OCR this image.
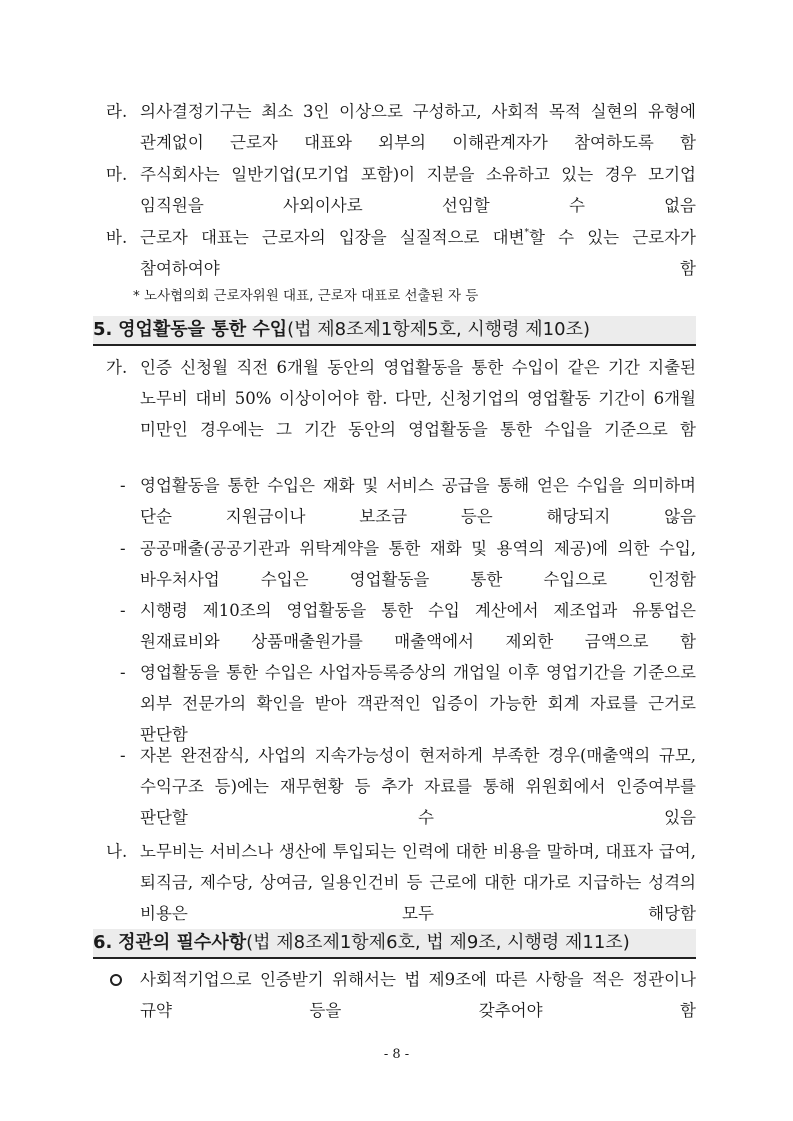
라. 의사결정기구는 최소 3인 이상으로 구성하고, 사회적 목적 실현의 유형에 관계없이 근로자 대표와 외부의 이해관계자가 참여하도록 함
마. 주식회사는 일반기업(모기업 포함)이 지분을 소유하고 있는 경우 모기업 임직원을 사외이사로 선임할 수 없음
바. 근로자 대표는 근로자의 입장을 실질적으로 대변*할 수 있는 근로자가 참여하여야 함
* 노사협의회 근로자위원 대표, 근로자 대표로 선출된 자 등
5. 영업활동을 통한 수입(법 제8조제1항제5호, 시행령 제10조)
가. 인증 신청월 직전 6개월 동안의 영업활동을 통한 수입이 같은 기간 지출된 노무비 대비 50% 이상이어야 함. 다만, 신청기업의 영업활동 기간이 6개월 미만인 경우에는 그 기간 동안의 영업활동을 통한 수입을 기준으로 함
- 영업활동을 통한 수입은 재화 및 서비스 공급을 통해 얻은 수입을 의미하며 단순 지원금이나 보조금 등은 해당되지 않음
- 공공매출(공공기관과 위탁계약을 통한 재화 및 용역의 제공)에 의한 수입, 바우처사업 수입은 영업활동을 통한 수입으로 인정함
- 시행령 제10조의 영업활동을 통한 수입 계산에서 제조업과 유통업은 원재료비와 상품매출원가를 매출액에서 제외한 금액으로 함
- 영업활동을 통한 수입은 사업자등록증상의 개업일 이후 영업기간을 기준으로 외부 전문가의 확인을 받아 객관적인 입증이 가능한 회계 자료를 근거로 판단함
- 자본 완전잠식, 사업의 지속가능성이 현저하게 부족한 경우(매출액의 규모, 수익구조 등)에는 재무현황 등 추가 자료를 통해 위원회에서 인증여부를 판단할 수 있음
나. 노무비는 서비스나 생산에 투입되는 인력에 대한 비용을 말하며, 대표자 급여, 퇴직금, 제수당, 상여금, 일용인건비 등 근로에 대한 대가로 지급하는 성격의 비용은 모두 해당함
6. 정관의 필수사항(법 제8조제1항제6호, 법 제9조, 시행령 제11조)
사회적기업으로 인증받기 위해서는 법 제9조에 따른 사항을 적은 정관이나 규약 등을 갖추어야 함
- 8 -
